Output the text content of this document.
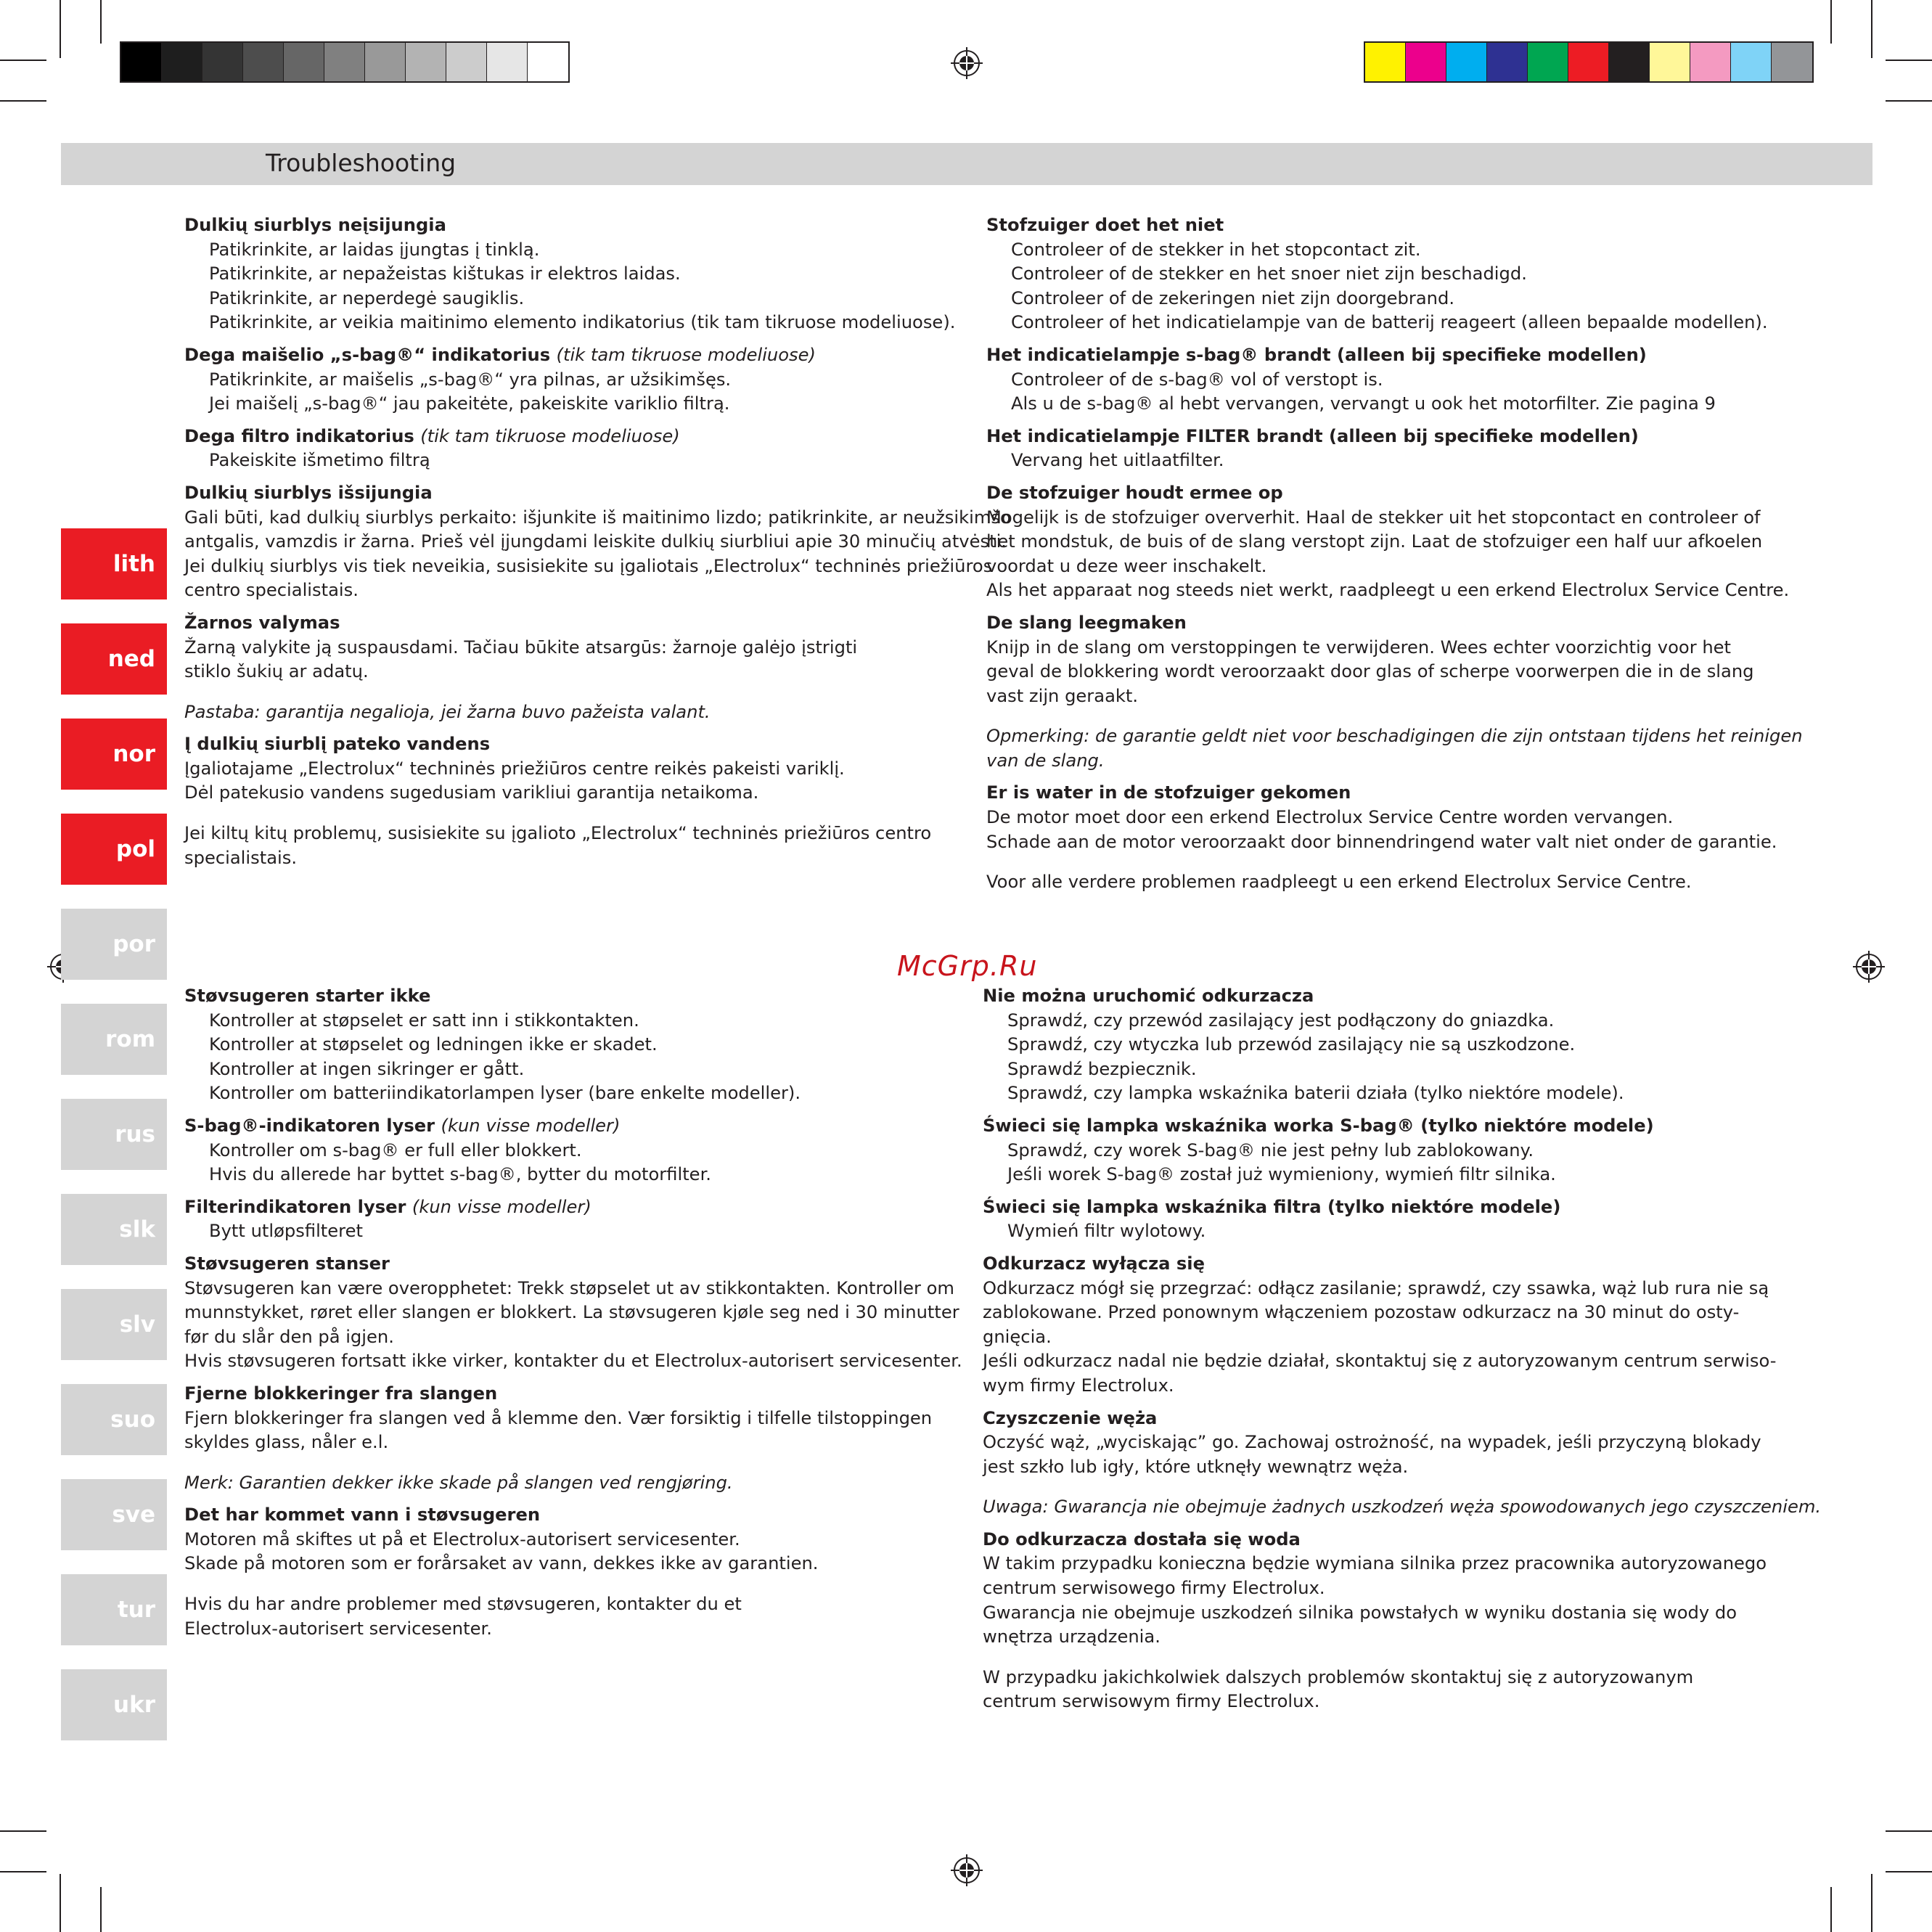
Troubleshooting
lith
ned
nor
pol
por
rom
rus
slk
slv
suo
sve
tur
ukr
Dulkių siurblys neįsijungia
Patikrinkite, ar laidas įjungtas į tinklą.
Patikrinkite, ar nepažeistas kištukas ir elektros laidas.
Patikrinkite, ar neperdegė saugiklis.
Patikrinkite, ar veikia maitinimo elemento indikatorius (tik tam tikruose modeliuose).
Dega maišelio „s-bag®“ indikatorius (tik tam tikruose modeliuose)
Patikrinkite, ar maišelis „s-bag®“ yra pilnas, ar užsikimšęs.
Jei maišelį „s-bag®“ jau pakeitėte, pakeiskite variklio filtrą.
Dega filtro indikatorius (tik tam tikruose modeliuose)
Pakeiskite išmetimo filtrą
Dulkių siurblys išsijungia
Gali būti, kad dulkių siurblys perkaito: išjunkite iš maitinimo lizdo; patikrinkite, ar neužsikimšo
antgalis, vamzdis ir žarna. Prieš vėl įjungdami leiskite dulkių siurbliui apie 30 minučių atvėsti.
Jei dulkių siurblys vis tiek neveikia, susisiekite su įgaliotais „Electrolux“ techninės priežiūros
centro specialistais.
Žarnos valymas
Žarną valykite ją suspausdami. Tačiau būkite atsargūs: žarnoje galėjo įstrigti
stiklo šukių ar adatų.
Pastaba: garantija negalioja, jei žarna buvo pažeista valant.
Į dulkių siurblį pateko vandens
Įgaliotajame „Electrolux“ techninės priežiūros centre reikės pakeisti variklį.
Dėl patekusio vandens sugedusiam varikliui garantija netaikoma.
Jei kiltų kitų problemų, susisiekite su įgalioto „Electrolux“ techninės priežiūros centro
specialistais.
Stofzuiger doet het niet
Controleer of de stekker in het stopcontact zit.
Controleer of de stekker en het snoer niet zijn beschadigd.
Controleer of de zekeringen niet zijn doorgebrand.
Controleer of het indicatielampje van de batterij reageert (alleen bepaalde modellen).
Het indicatielampje s-bag® brandt (alleen bij specifieke modellen)
Controleer of de s-bag® vol of verstopt is.
Als u de s-bag® al hebt vervangen, vervangt u ook het motorfilter. Zie pagina 9
Het indicatielampje FILTER brandt (alleen bij specifieke modellen)
Vervang het uitlaatfilter.
De stofzuiger houdt ermee op
Mogelijk is de stofzuiger oververhit. Haal de stekker uit het stopcontact en controleer of
het mondstuk, de buis of de slang verstopt zijn. Laat de stofzuiger een half uur afkoelen
voordat u deze weer inschakelt.
Als het apparaat nog steeds niet werkt, raadpleegt u een erkend Electrolux Service Centre.
De slang leegmaken
Knijp in de slang om verstoppingen te verwijderen. Wees echter voorzichtig voor het
geval de blokkering wordt veroorzaakt door glas of scherpe voorwerpen die in de slang
vast zijn geraakt.
Opmerking: de garantie geldt niet voor beschadigingen die zijn ontstaan tijdens het reinigen
van de slang.
Er is water in de stofzuiger gekomen
De motor moet door een erkend Electrolux Service Centre worden vervangen.
Schade aan de motor veroorzaakt door binnendringend water valt niet onder de garantie.
Voor alle verdere problemen raadpleegt u een erkend Electrolux Service Centre.
McGrp.Ru
Støvsugeren starter ikke
Kontroller at støpselet er satt inn i stikkontakten.
Kontroller at støpselet og ledningen ikke er skadet.
Kontroller at ingen sikringer er gått.
Kontroller om batteriindikatorlampen lyser (bare enkelte modeller).
S-bag®-indikatoren lyser (kun visse modeller)
Kontroller om s-bag® er full eller blokkert.
Hvis du allerede har byttet s-bag®, bytter du motorfilter.
Filterindikatoren lyser (kun visse modeller)
Bytt utløpsfilteret
Støvsugeren stanser
Støvsugeren kan være overopphetet: Trekk støpselet ut av stikkontakten. Kontroller om
munnstykket, røret eller slangen er blokkert. La støvsugeren kjøle seg ned i 30 minutter
før du slår den på igjen.
Hvis støvsugeren fortsatt ikke virker, kontakter du et Electrolux-autorisert servicesenter.
Fjerne blokkeringer fra slangen
Fjern blokkeringer fra slangen ved å klemme den. Vær forsiktig i tilfelle tilstoppingen
skyldes glass, nåler e.l.
Merk: Garantien dekker ikke skade på slangen ved rengjøring.
Det har kommet vann i støvsugeren
Motoren må skiftes ut på et Electrolux-autorisert servicesenter.
Skade på motoren som er forårsaket av vann, dekkes ikke av garantien.
Hvis du har andre problemer med støvsugeren, kontakter du et
Electrolux-autorisert servicesenter.
Nie można uruchomić odkurzacza
Sprawdź, czy przewód zasilający jest podłączony do gniazdka.
Sprawdź, czy wtyczka lub przewód zasilający nie są uszkodzone.
Sprawdź bezpiecznik.
Sprawdź, czy lampka wskaźnika baterii działa (tylko niektóre modele).
Świeci się lampka wskaźnika worka S-bag® (tylko niektóre modele)
Sprawdź, czy worek S-bag® nie jest pełny lub zablokowany.
Jeśli worek S-bag® został już wymieniony, wymień filtr silnika.
Świeci się lampka wskaźnika filtra (tylko niektóre modele)
Wymień filtr wylotowy.
Odkurzacz wyłącza się
Odkurzacz mógł się przegrzać: odłącz zasilanie; sprawdź, czy ssawka, wąż lub rura nie są
zablokowane. Przed ponownym włączeniem pozostaw odkurzacz na 30 minut do osty-
gnięcia.
Jeśli odkurzacz nadal nie będzie działał, skontaktuj się z autoryzowanym centrum serwiso-
wym firmy Electrolux.
Czyszczenie węża
Oczyść wąż, „wyciskając” go. Zachowaj ostrożność, na wypadek, jeśli przyczyną blokady
jest szkło lub igły, które utknęły wewnątrz węża.
Uwaga: Gwarancja nie obejmuje żadnych uszkodzeń węża spowodowanych jego czyszczeniem.
Do odkurzacza dostała się woda
W takim przypadku konieczna będzie wymiana silnika przez pracownika autoryzowanego
centrum serwisowego firmy Electrolux.
Gwarancja nie obejmuje uszkodzeń silnika powstałych w wyniku dostania się wody do
wnętrza urządzenia.
W przypadku jakichkolwiek dalszych problemów skontaktuj się z autoryzowanym
centrum serwisowym firmy Electrolux.
